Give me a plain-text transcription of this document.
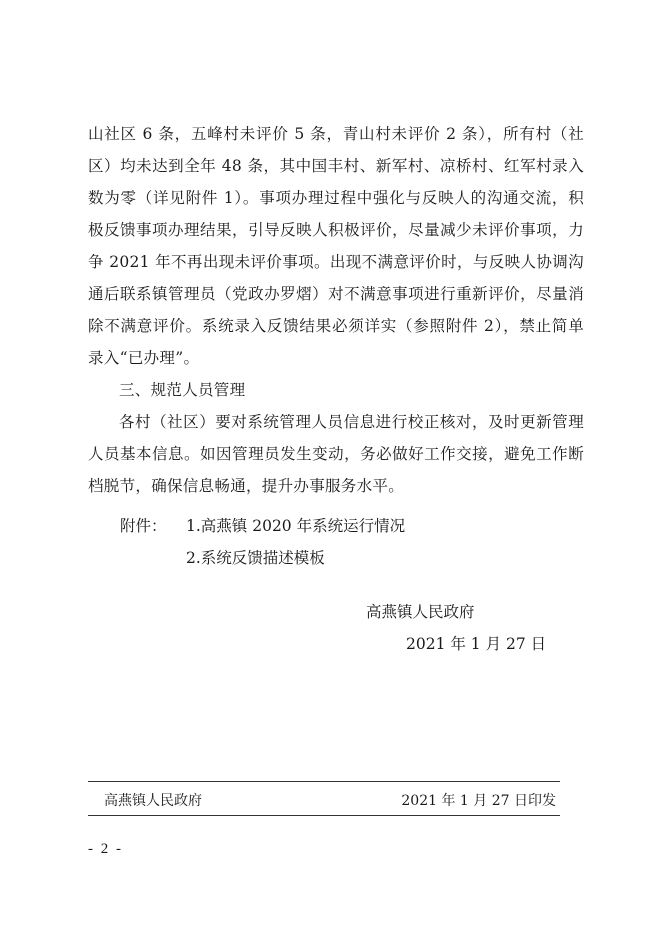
山社区 6 条，五峰村未评价 5 条，青山村未评价 2 条），所有村（社区）均未达到全年 48 条，其中国丰村、新军村、凉桥村、红军村录入数为零（详见附件 1）。事项办理过程中强化与反映人的沟通交流，积极反馈事项办理结果，引导反映人积极评价，尽量减少未评价事项，力争 2021 年不再出现未评价事项。出现不满意评价时，与反映人协调沟通后联系镇管理员（党政办罗熠）对不满意事项进行重新评价，尽量消除不满意评价。系统录入反馈结果必须详实（参照附件 2），禁止简单录入“已办理”。

三、规范人员管理

各村（社区）要对系统管理人员信息进行校正核对，及时更新管理人员基本信息。如因管理员发生变动，务必做好工作交接，避免工作断档脱节，确保信息畅通，提升办事服务水平。

附件：	1.高燕镇 2020 年系统运行情况
2.系统反馈描述模板
高燕镇人民政府
2021 年 1 月 27 日
高燕镇人民政府	2021 年 1 月 27 日印发
- 2 -
